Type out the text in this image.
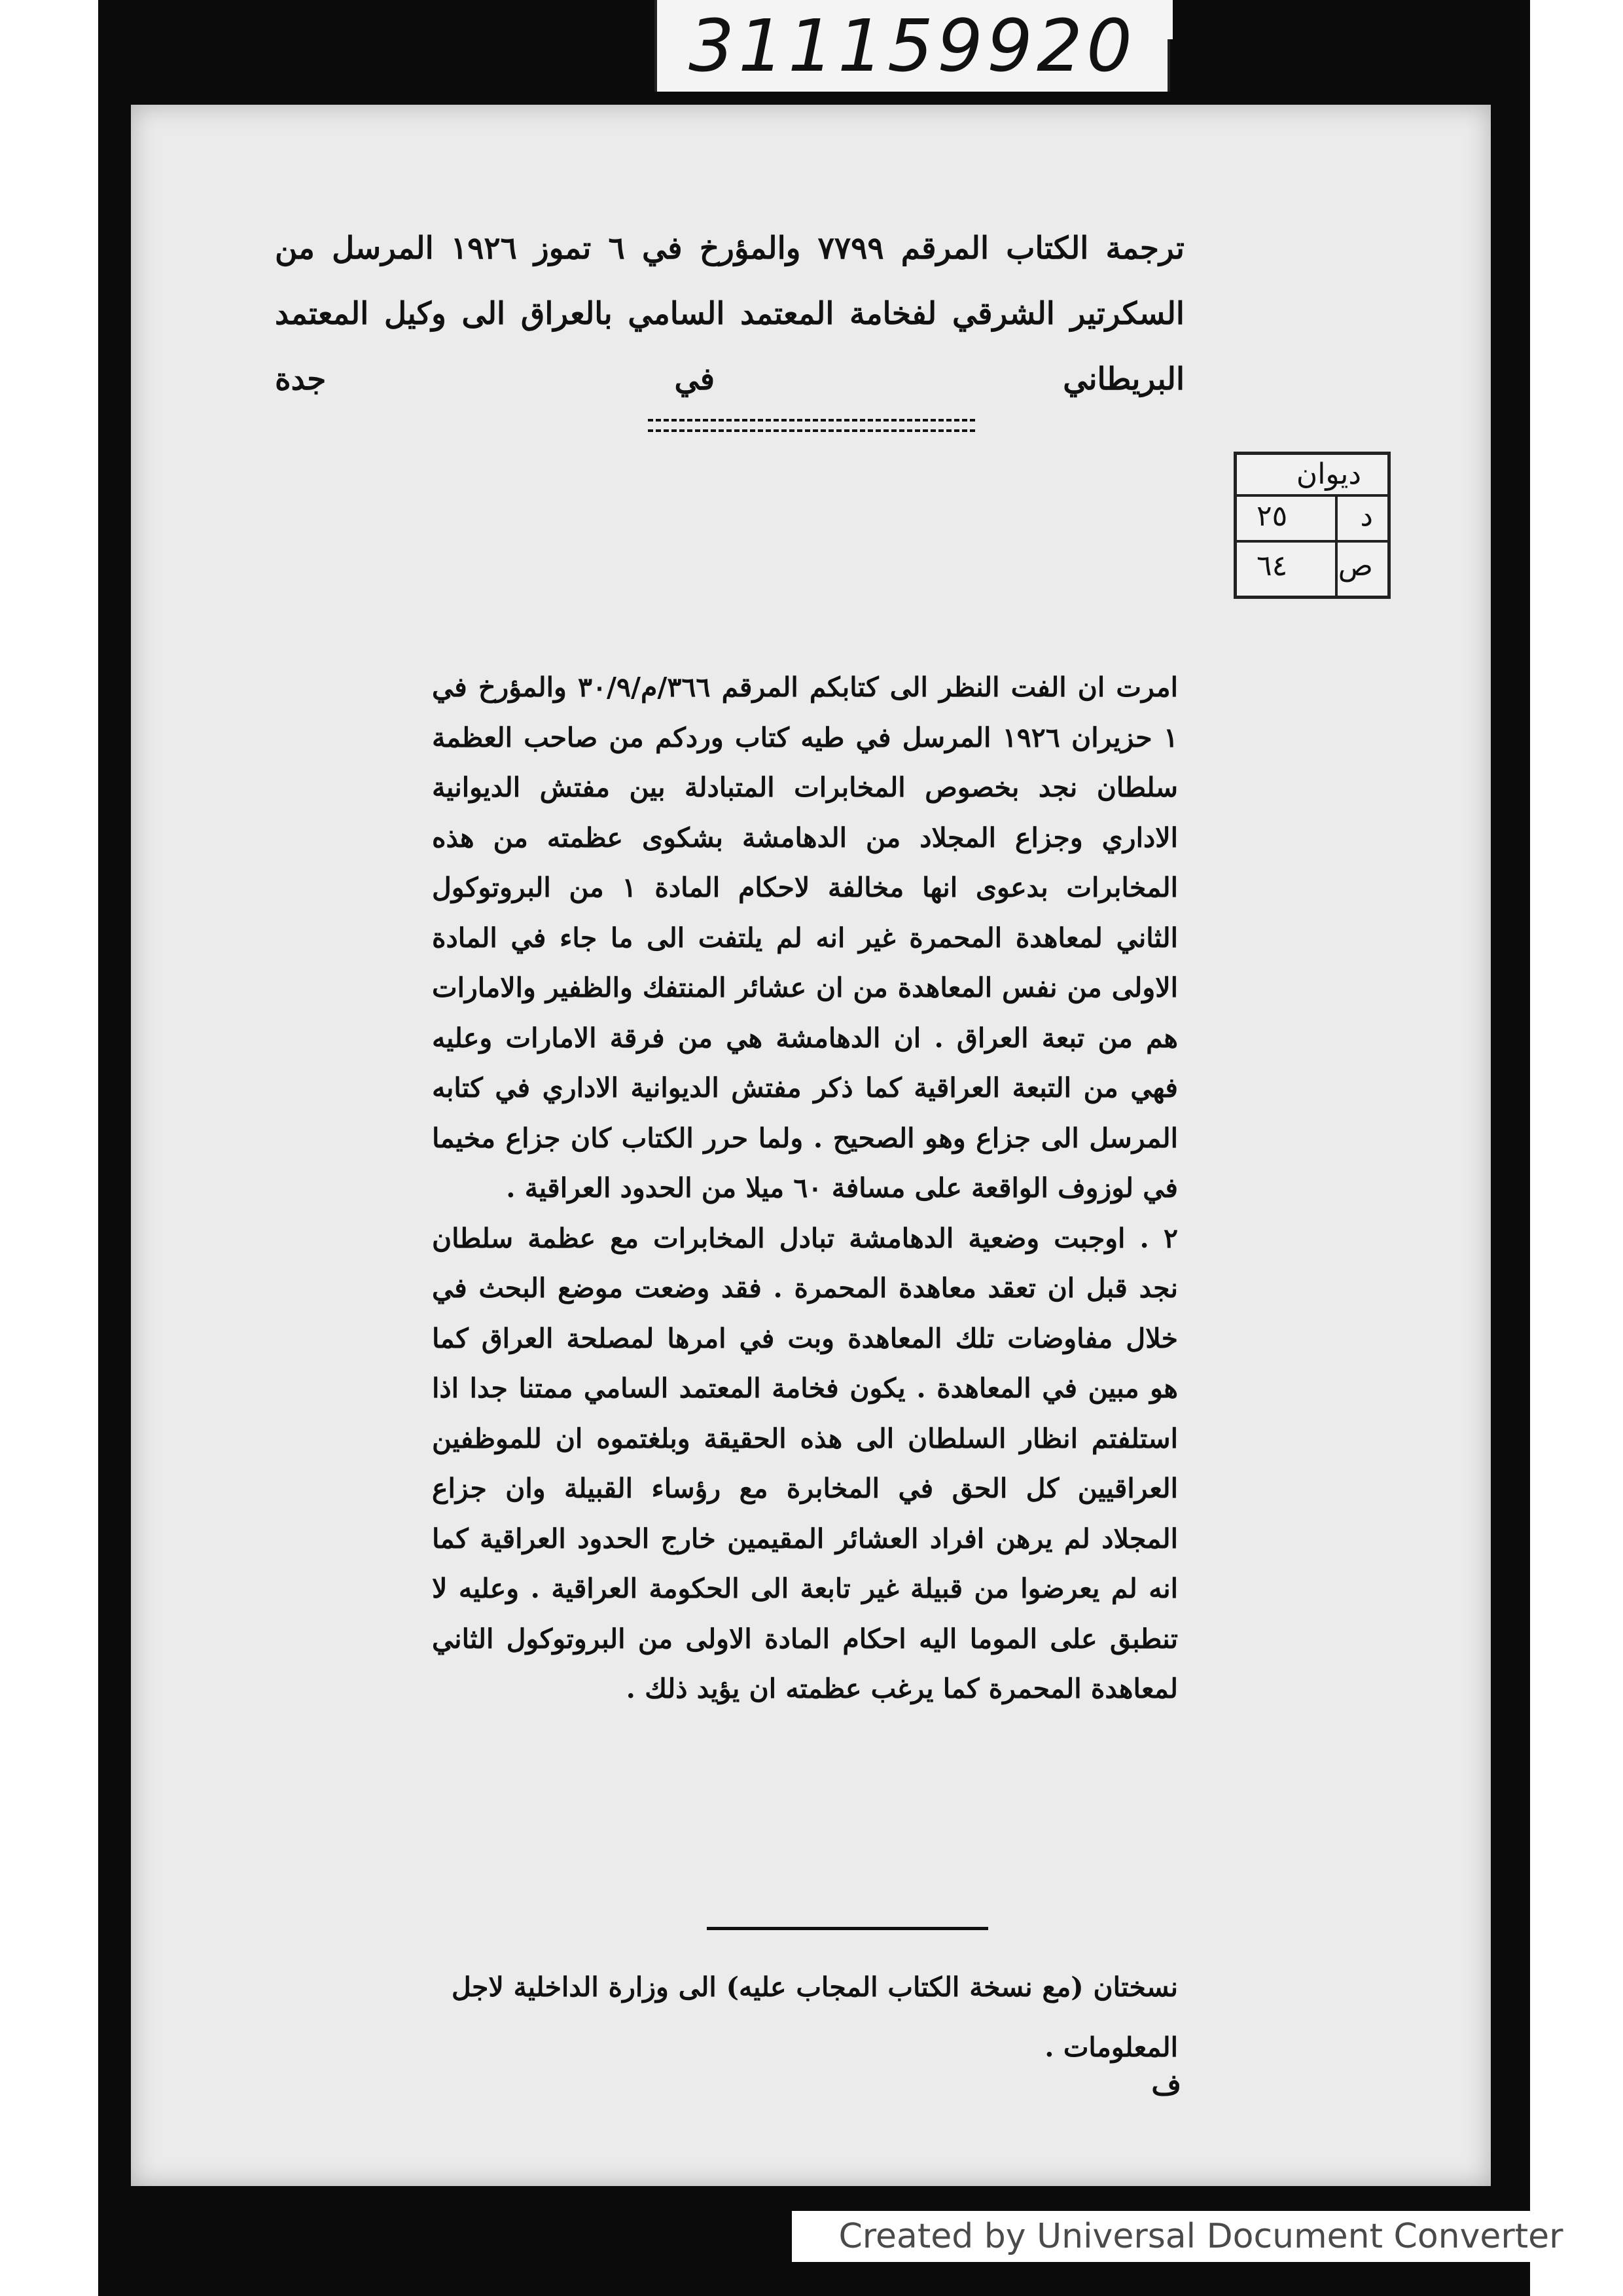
311159920
ترجمة الكتاب المرقم ٧٧٩٩ والمؤرخ في ٦ تموز ١٩٢٦ المرسل من السكرتير الشرقي لفخامة المعتمد السامي بالعراق الى وكيل المعتمد البريطاني في جدة
ديوان
د
٢٥
ص
٦٤

امرت ان الفت النظر الى كتابكم المرقم ٣٦٦/م/٣٠/٩ والمؤرخ في ١ حزيران ١٩٢٦ المرسل في طيه كتاب وردكم من صاحب العظمة سلطان نجد بخصوص المخابرات المتبادلة بين مفتش الديوانية الاداري وجزاع المجلاد من الدهامشة بشكوى عظمته من هذه المخابرات بدعوى انها مخالفة لاحكام المادة ١ من البروتوكول الثاني لمعاهدة المحمرة غير انه لم يلتفت الى ما جاء في المادة الاولى من نفس المعاهدة من ان عشائر المنتفك والظفير والامارات هم من تبعة العراق . ان الدهامشة هي من فرقة الامارات وعليه فهي من التبعة العراقية كما ذكر مفتش الديوانية الاداري في كتابه المرسل الى جزاع وهو الصحيح . ولما حرر الكتاب كان جزاع مخيما في لوزوف الواقعة على مسافة ٦٠ ميلا من الحدود العراقية .

٢ . اوجبت وضعية الدهامشة تبادل المخابرات مع عظمة سلطان نجد قبل ان تعقد معاهدة المحمرة . فقد وضعت موضع البحث في خلال مفاوضات تلك المعاهدة وبت في امرها لمصلحة العراق كما هو مبين في المعاهدة . يكون فخامة المعتمد السامي ممتنا جدا اذا استلفتم انظار السلطان الى هذه الحقيقة وبلغتموه ان للموظفين العراقيين كل الحق في المخابرة مع رؤساء القبيلة وان جزاع المجلاد لم يرهن افراد العشائر المقيمين خارج الحدود العراقية كما انه لم يعرضوا من قبيلة غير تابعة الى الحكومة العراقية . وعليه لا تنطبق على الموما اليه احكام المادة الاولى من البروتوكول الثاني لمعاهدة المحمرة كما يرغب عظمته ان يؤيد ذلك .

نسختان (مع نسخة الكتاب المجاب عليه) الى وزارة الداخلية لاجل المعلومات .
ف
Created by Universal Document Converter
